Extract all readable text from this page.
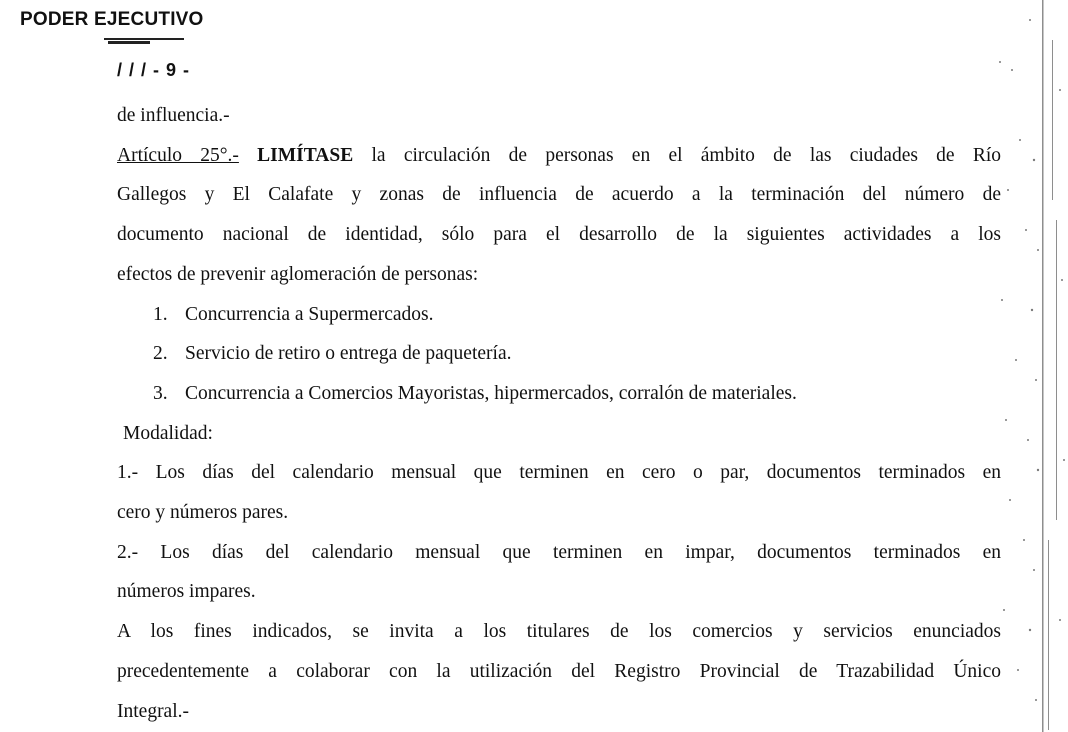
PODER EJECUTIVO
/ / / - 9 -
de influencia.-
Artículo 25°.- LIMÍTASE la circulación de personas en el ámbito de las ciudades de Río
Gallegos y El Calafate y zonas de influencia de acuerdo a la terminación del número de
documento nacional de identidad, sólo para el desarrollo de la siguientes actividades a los
efectos de prevenir aglomeración de personas:
1. Concurrencia a Supermercados.
2. Servicio de retiro o entrega de paquetería.
3. Concurrencia a Comercios Mayoristas, hipermercados, corralón de materiales.
Modalidad:
1.- Los días del calendario mensual que terminen en cero o par, documentos terminados en
cero y números pares.
2.- Los días del calendario mensual que terminen en impar, documentos terminados en
números impares.
A los fines indicados, se invita a los titulares de los comercios y servicios enunciados
precedentemente a colaborar con la utilización del Registro Provincial de Trazabilidad Único
Integral.-
